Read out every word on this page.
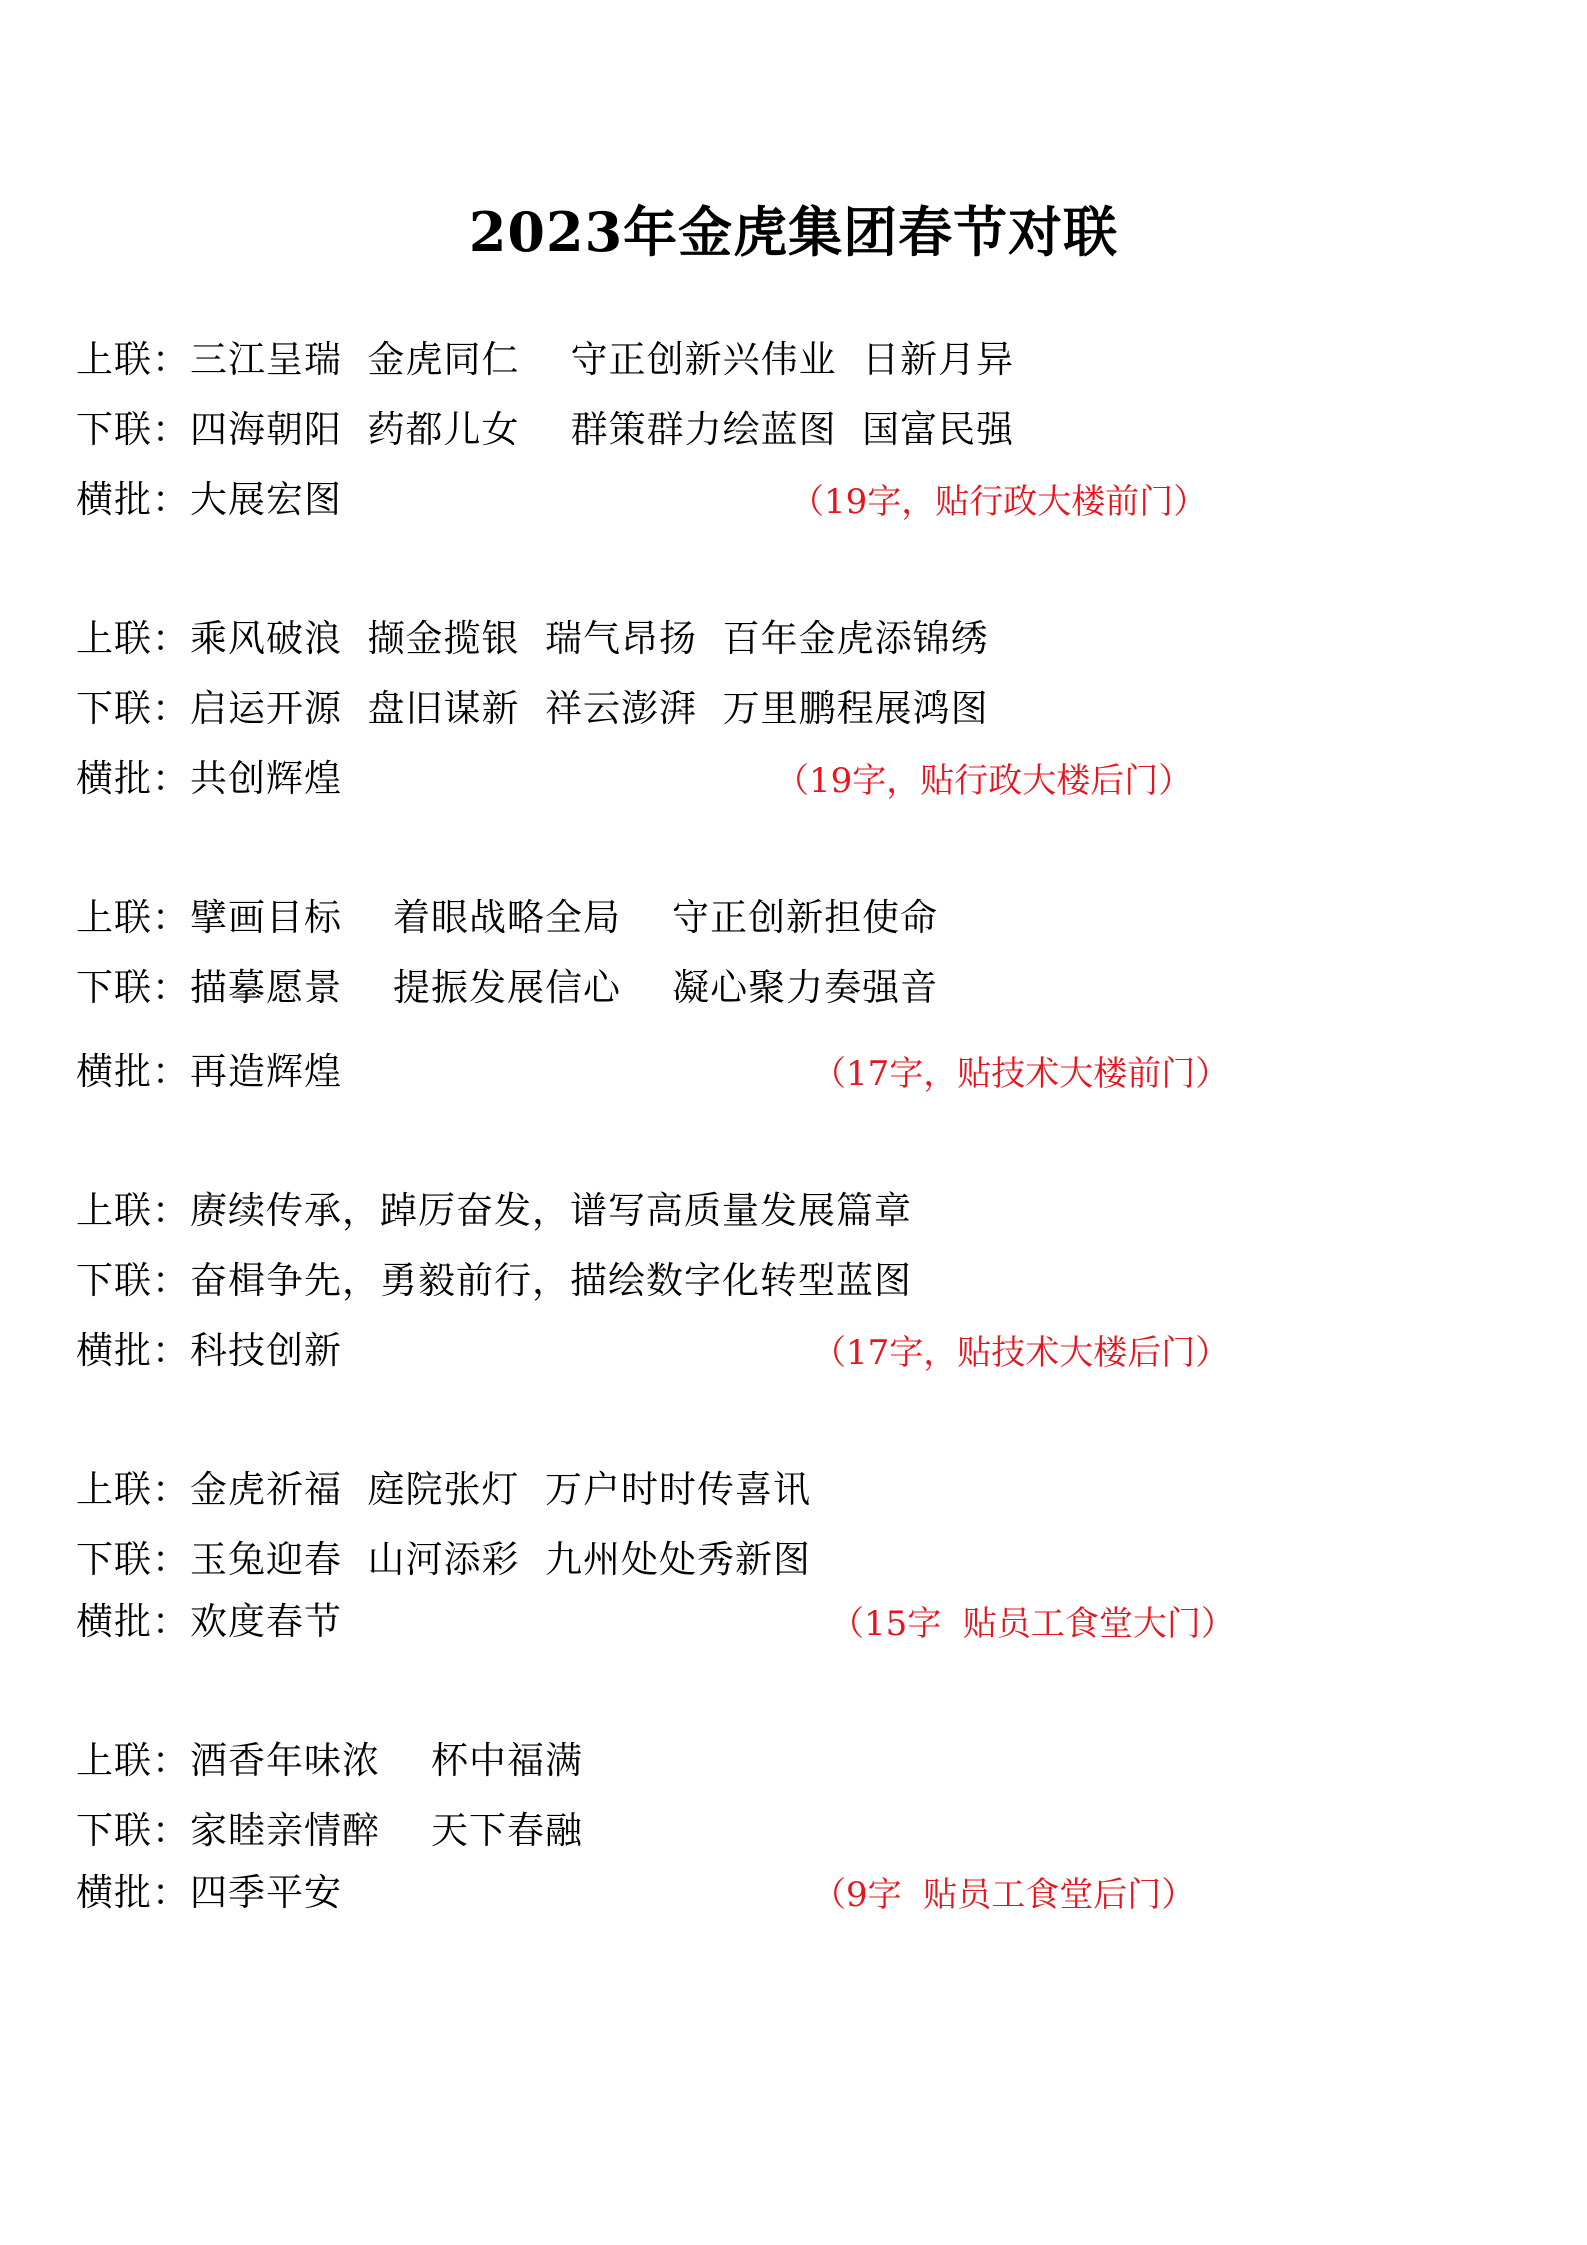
2023年金虎集团春节对联
上联：三江呈瑞  金虎同仁    守正创新兴伟业  日新月异
下联：四海朝阳  药都儿女    群策群力绘蓝图  国富民强
横批：大展宏图	（19字，贴行政大楼前门）
上联：乘风破浪  撷金揽银  瑞气昂扬  百年金虎添锦绣
下联：启运开源  盘旧谋新  祥云澎湃  万里鹏程展鸿图
横批：共创辉煌	（19字，贴行政大楼后门）
上联：擘画目标    着眼战略全局    守正创新担使命
下联：描摹愿景    提振发展信心    凝心聚力奏强音
横批：再造辉煌	（17字，贴技术大楼前门）
上联：赓续传承，踔厉奋发，谱写高质量发展篇章
下联：奋楫争先，勇毅前行，描绘数字化转型蓝图
横批：科技创新	（17字，贴技术大楼后门）
上联：金虎祈福  庭院张灯  万户时时传喜讯
下联：玉兔迎春  山河添彩  九州处处秀新图
横批：欢度春节	（15字  贴员工食堂大门）
上联：酒香年味浓    杯中福满
下联：家睦亲情醉    天下春融
横批：四季平安	（9字  贴员工食堂后门）
